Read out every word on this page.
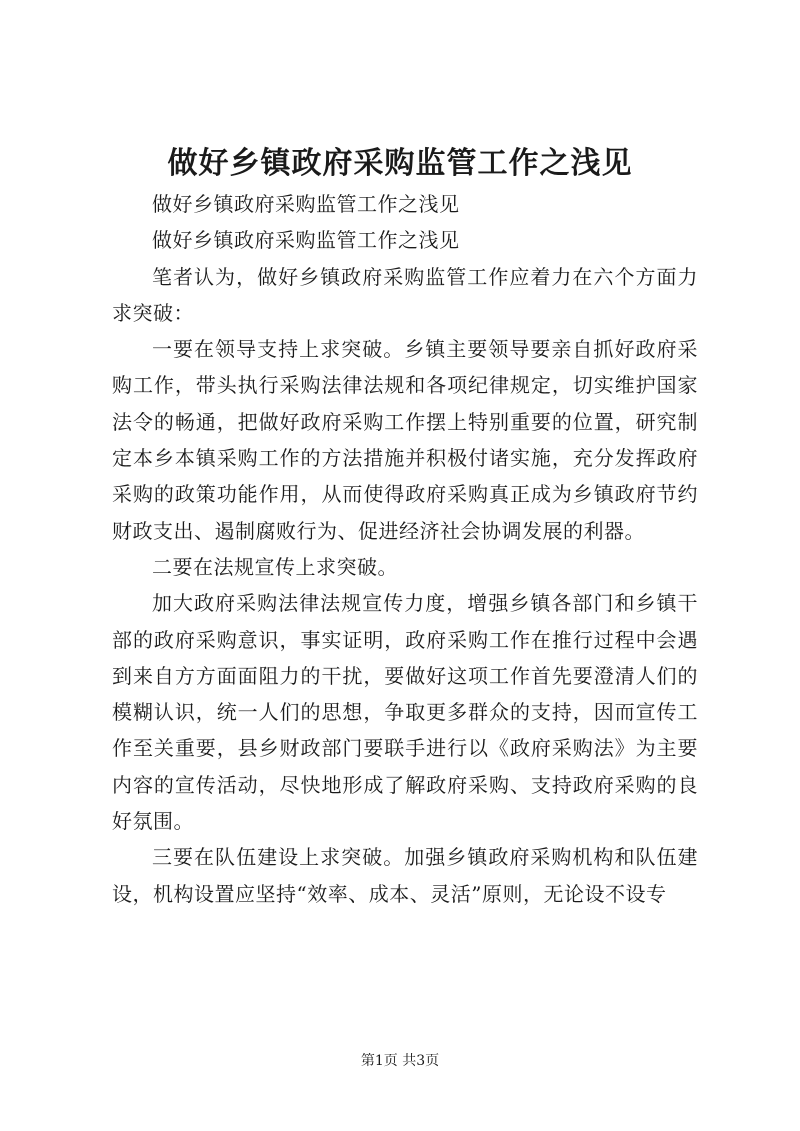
做好乡镇政府采购监管工作之浅见

做好乡镇政府采购监管工作之浅见

做好乡镇政府采购监管工作之浅见

笔者认为，做好乡镇政府采购监管工作应着力在六个方面力求突破：

一要在领导支持上求突破。乡镇主要领导要亲自抓好政府采购工作，带头执行采购法律法规和各项纪律规定，切实维护国家法令的畅通，把做好政府采购工作摆上特别重要的位置，研究制定本乡本镇采购工作的方法措施并积极付诸实施，充分发挥政府采购的政策功能作用，从而使得政府采购真正成为乡镇政府节约财政支出、遏制腐败行为、促进经济社会协调发展的利器。

二要在法规宣传上求突破。

加大政府采购法律法规宣传力度，增强乡镇各部门和乡镇干部的政府采购意识，事实证明，政府采购工作在推行过程中会遇到来自方方面面阻力的干扰，要做好这项工作首先要澄清人们的模糊认识，统一人们的思想，争取更多群众的支持，因而宣传工作至关重要，县乡财政部门要联手进行以《政府采购法》为主要内容的宣传活动，尽快地形成了解政府采购、支持政府采购的良好氛围。

三要在队伍建设上求突破。加强乡镇政府采购机构和队伍建设，机构设置应坚持“效率、成本、灵活”原则，无论设不设专

第1页 共3页
